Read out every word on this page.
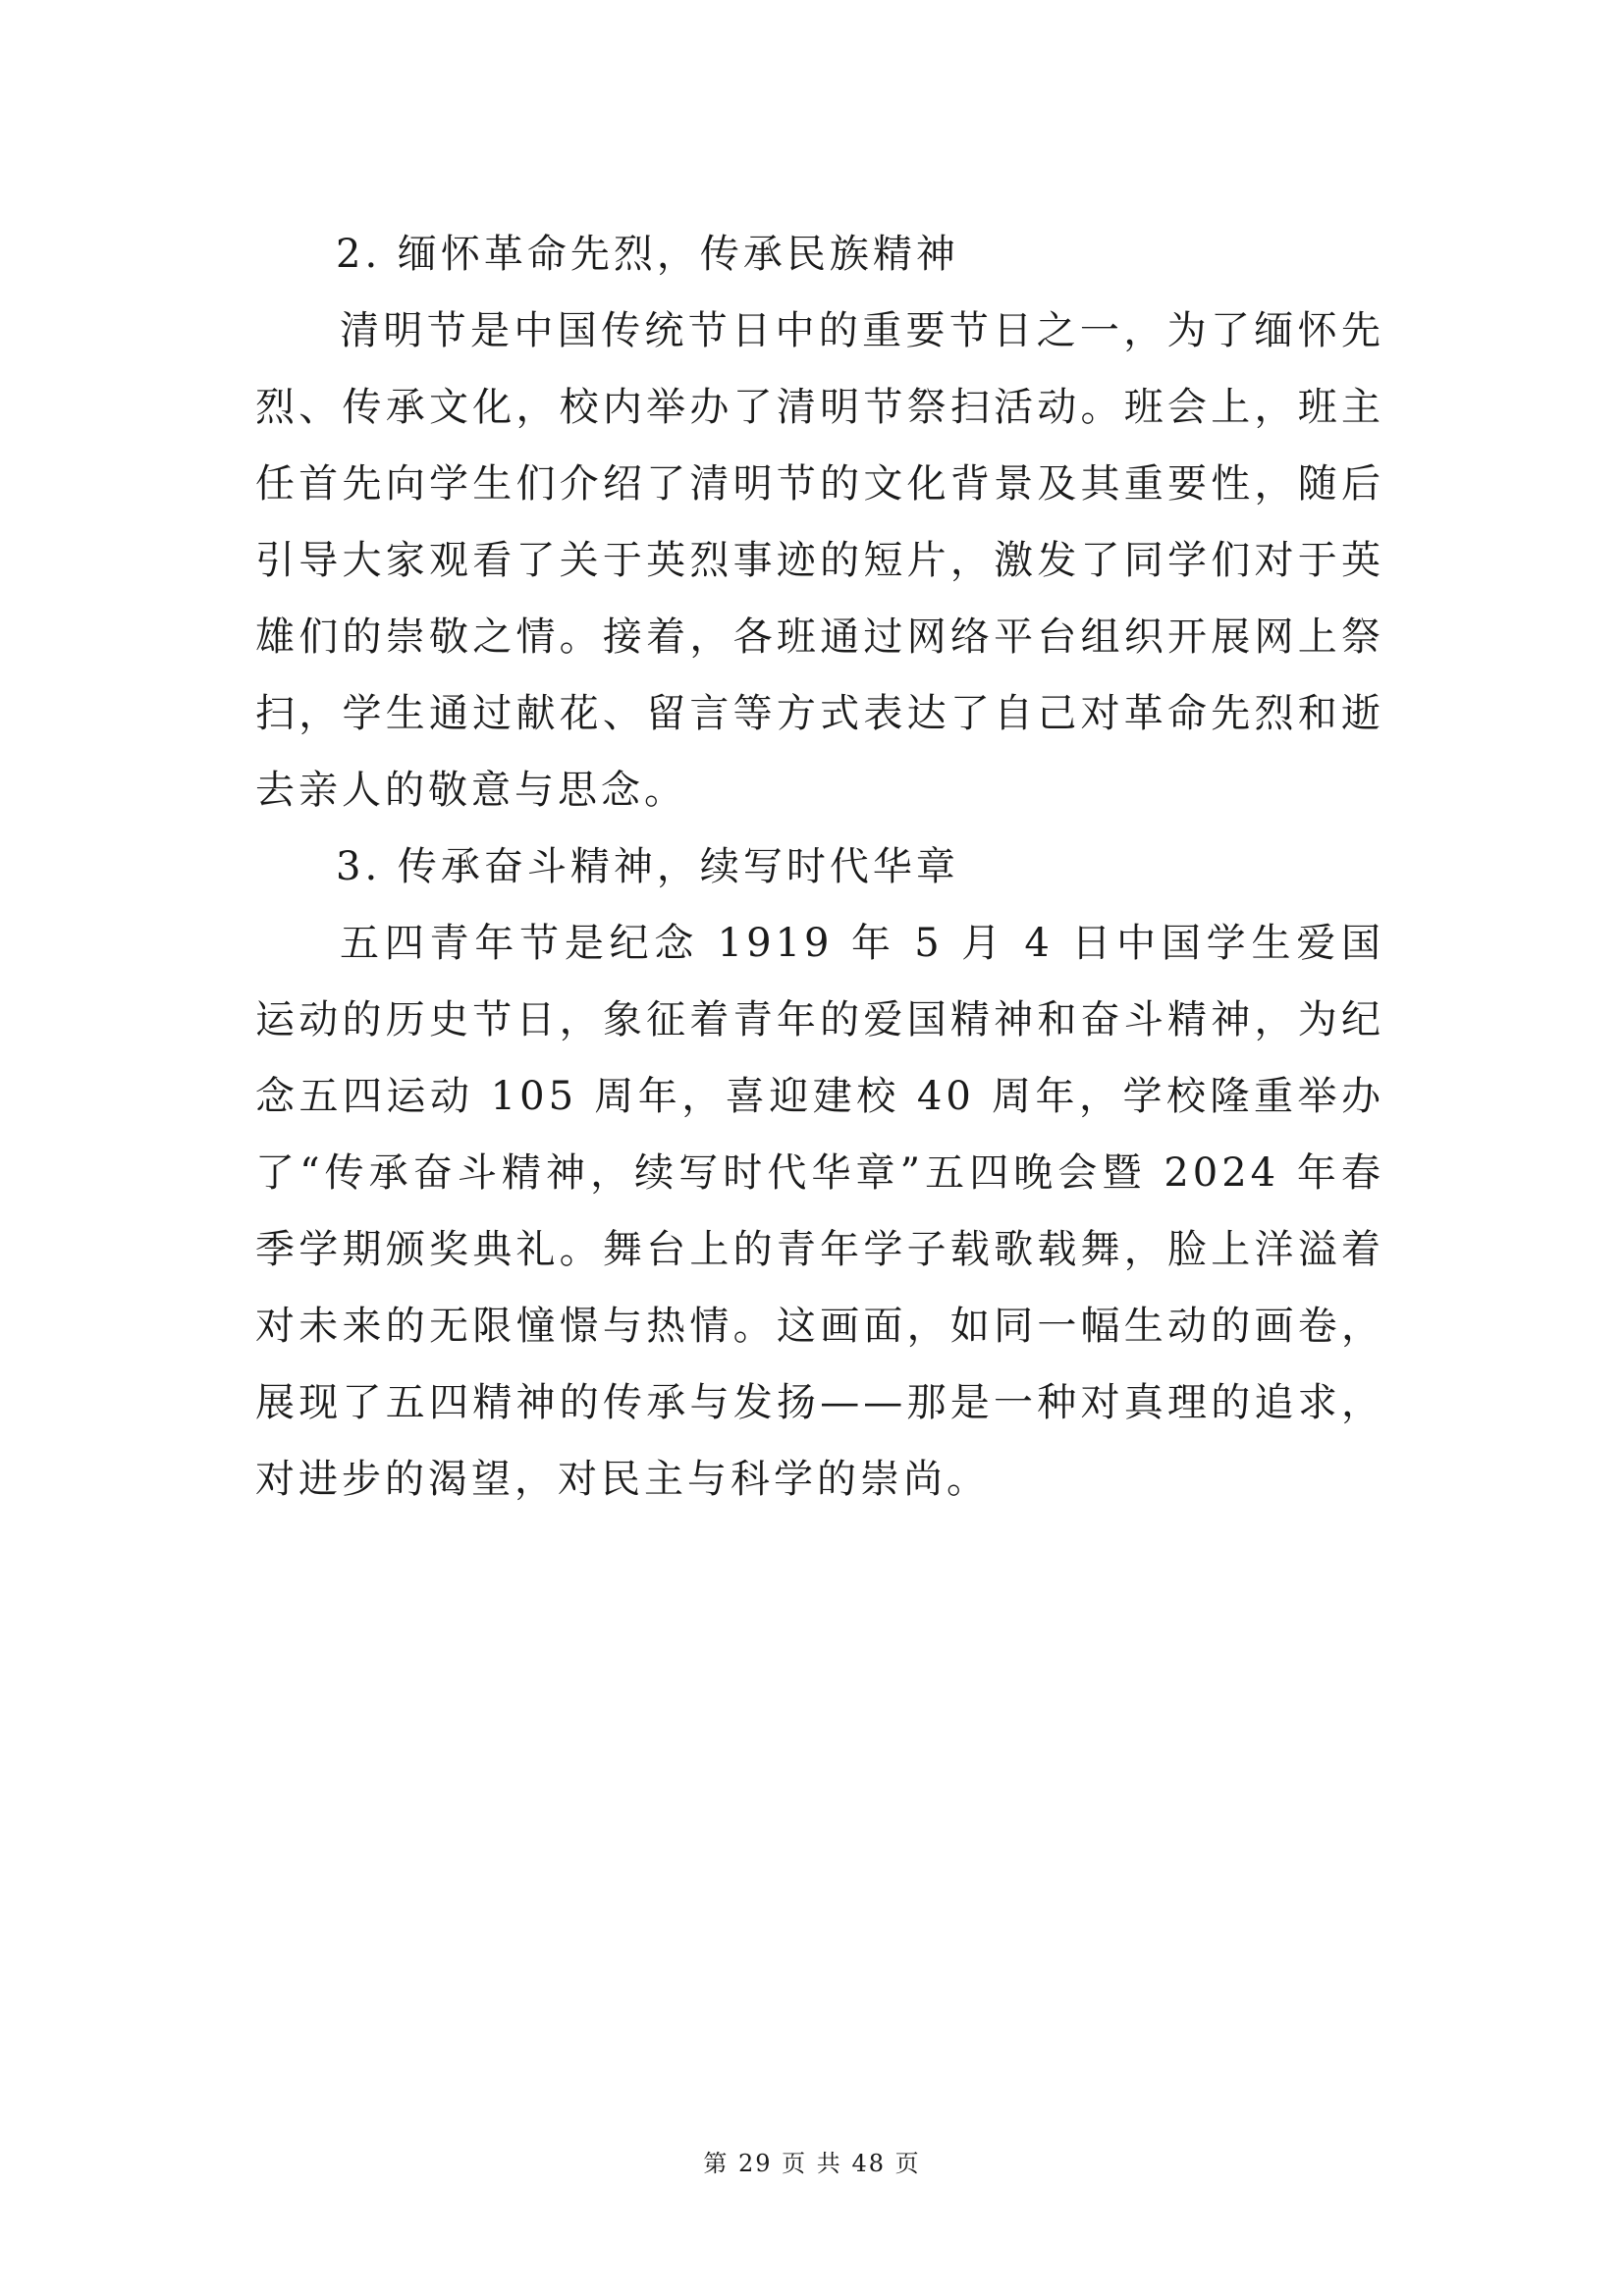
2. 缅怀革命先烈，传承民族精神

清明节是中国传统节日中的重要节日之一，为了缅怀先烈、传承文化，校内举办了清明节祭扫活动。班会上，班主任首先向学生们介绍了清明节的文化背景及其重要性，随后引导大家观看了关于英烈事迹的短片，激发了同学们对于英雄们的崇敬之情。接着，各班通过网络平台组织开展网上祭扫，学生通过献花、留言等方式表达了自己对革命先烈和逝去亲人的敬意与思念。

3. 传承奋斗精神，续写时代华章

五四青年节是纪念 1919 年 5 月 4 日中国学生爱国运动的历史节日，象征着青年的爱国精神和奋斗精神，为纪念五四运动 105 周年，喜迎建校 40 周年，学校隆重举办了“传承奋斗精神，续写时代华章”五四晚会暨 2024 年春季学期颁奖典礼。舞台上的青年学子载歌载舞，脸上洋溢着对未来的无限憧憬与热情。这画面，如同一幅生动的画卷，展现了五四精神的传承与发扬——那是一种对真理的追求，对进步的渴望，对民主与科学的崇尚。

第 29 页 共 48 页
